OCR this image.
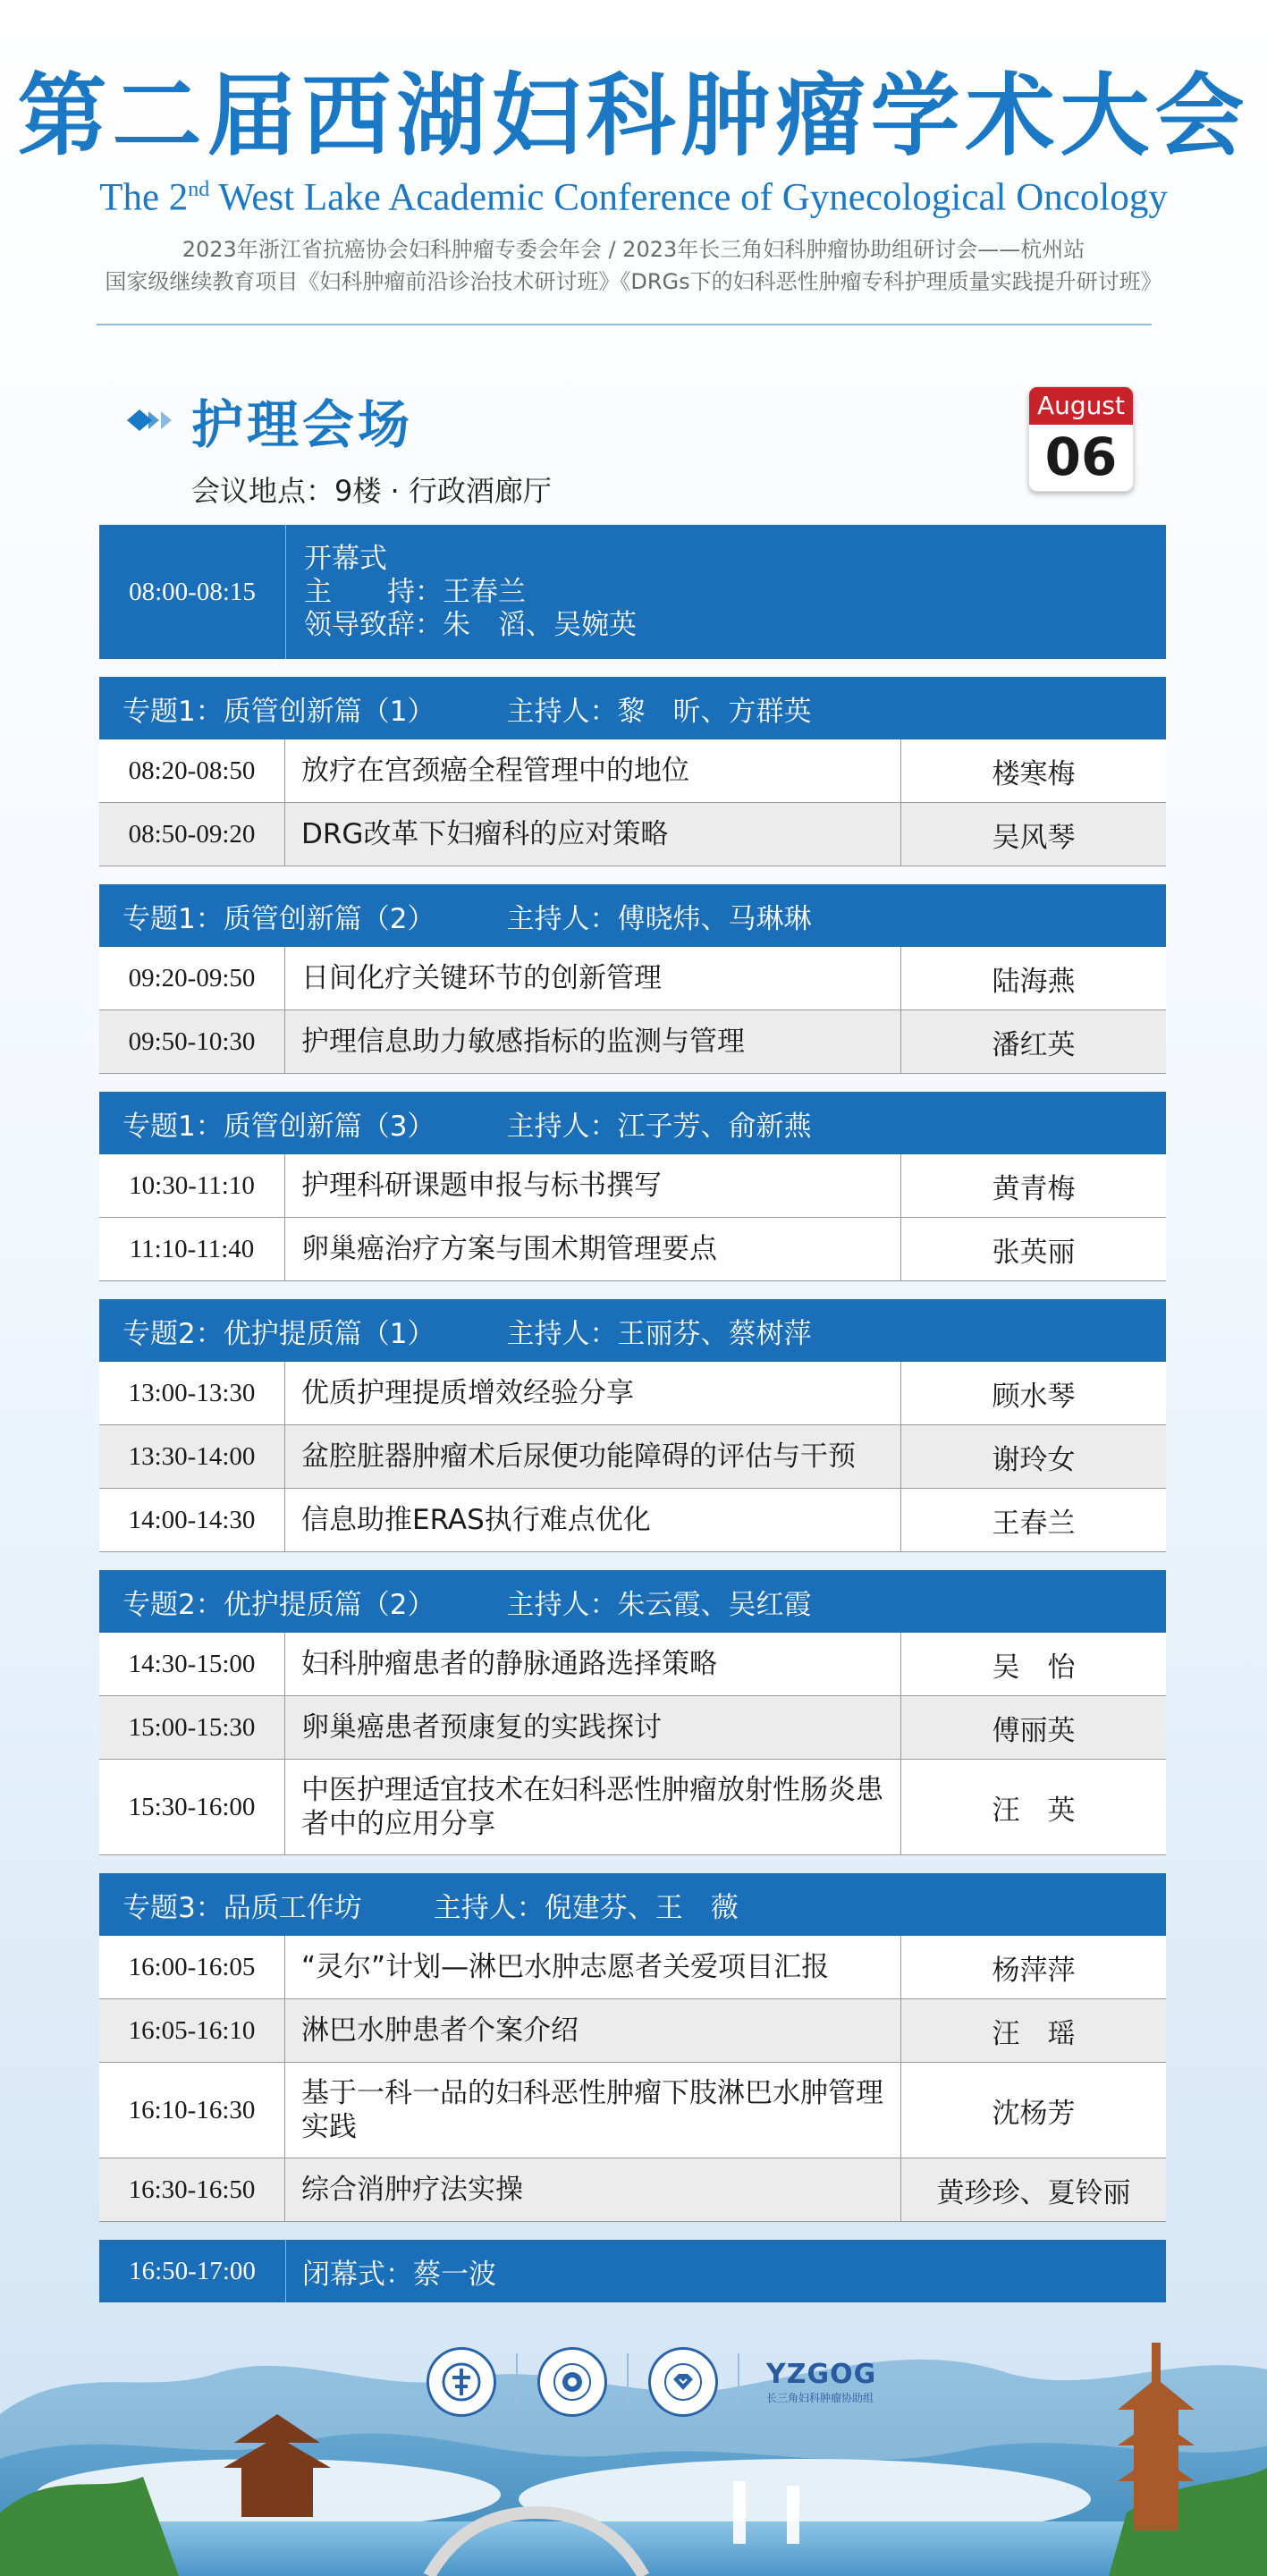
第二届西湖妇科肿瘤学术大会
The 2nd West Lake Academic Conference of Gynecological Oncology
2023年浙江省抗癌协会妇科肿瘤专委会年会 / 2023年长三角妇科肿瘤协助组研讨会——杭州站
国家级继续教育项目《妇科肿瘤前沿诊治技术研讨班》《DRGs下的妇科恶性肿瘤专科护理质量实践提升研讨班》
护理会场
会议地点：9楼 · 行政酒廊厅
August
06
08:00-08:15
开幕式
主　　持：王春兰
领导致辞：朱　滔、吴婉英
专题1：质管创新篇（1）	主持人：黎　昕、方群英
08:20-08:50	放疗在宫颈癌全程管理中的地位	楼寒梅
08:50-09:20	DRG改革下妇瘤科的应对策略	吴风琴
专题1：质管创新篇（2）	主持人：傅晓炜、马琳琳
09:20-09:50	日间化疗关键环节的创新管理	陆海燕
09:50-10:30	护理信息助力敏感指标的监测与管理	潘红英
专题1：质管创新篇（3）	主持人：江子芳、俞新燕
10:30-11:10	护理科研课题申报与标书撰写	黄青梅
11:10-11:40	卵巢癌治疗方案与围术期管理要点	张英丽
专题2：优护提质篇（1）	主持人：王丽芬、蔡树萍
13:00-13:30	优质护理提质增效经验分享	顾水琴
13:30-14:00	盆腔脏器肿瘤术后尿便功能障碍的评估与干预	谢玲女
14:00-14:30	信息助推ERAS执行难点优化	王春兰
专题2：优护提质篇（2）	主持人：朱云霞、吴红霞
14:30-15:00	妇科肿瘤患者的静脉通路选择策略	吴　怡
15:00-15:30	卵巢癌患者预康复的实践探讨	傅丽英
15:30-16:00
中医护理适宜技术在妇科恶性肿瘤放射性肠炎患者中的应用分享	汪　英
专题3：品质工作坊	主持人：倪建芬、王　薇
16:00-16:05	“灵尔”计划—淋巴水肿志愿者关爱项目汇报	杨萍萍
16:05-16:10	淋巴水肿患者个案介绍	汪　瑶
16:10-16:30
基于一科一品的妇科恶性肿瘤下肢淋巴水肿管理实践	沈杨芳
16:30-16:50	综合消肿疗法实操	黄珍珍、夏铃丽
16:50-17:00	闭幕式：蔡一波
YZGOG
长三角妇科肿瘤协助组
